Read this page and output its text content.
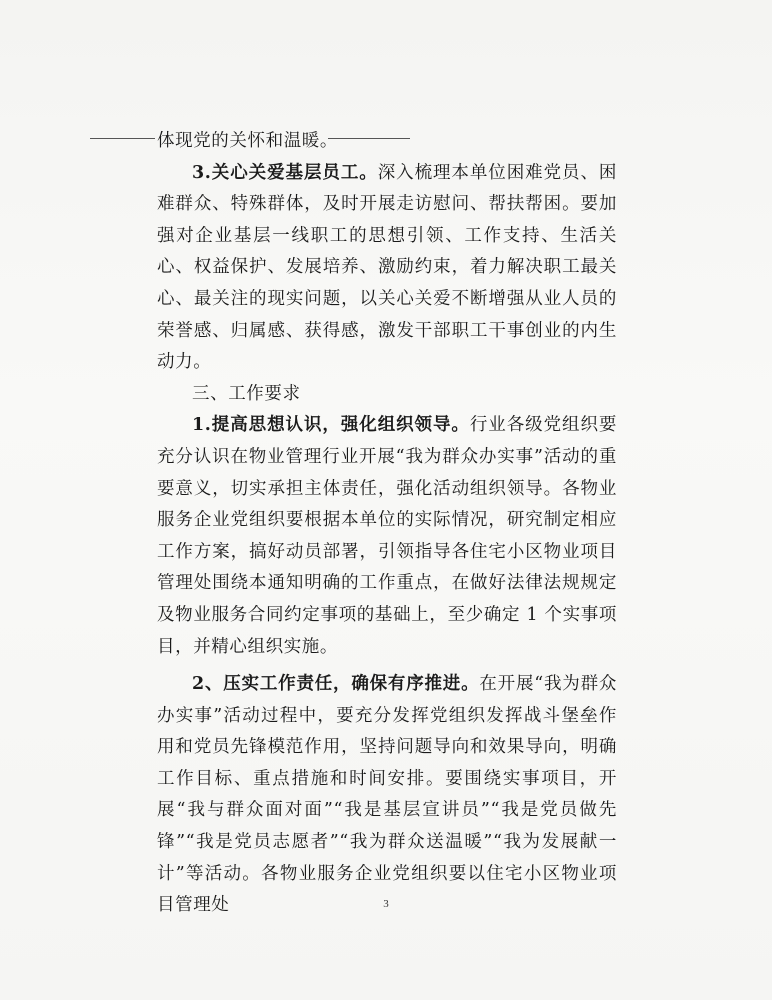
体现党的关怀和温暖。

3.关心关爱基层员工。深入梳理本单位困难党员、困难群众、特殊群体，及时开展走访慰问、帮扶帮困。要加强对企业基层一线职工的思想引领、工作支持、生活关心、权益保护、发展培养、激励约束，着力解决职工最关心、最关注的现实问题，以关心关爱不断增强从业人员的荣誉感、归属感、获得感，激发干部职工干事创业的内生动力。

三、工作要求

1.提高思想认识，强化组织领导。行业各级党组织要充分认识在物业管理行业开展“我为群众办实事”活动的重要意义，切实承担主体责任，强化活动组织领导。各物业服务企业党组织要根据本单位的实际情况，研究制定相应工作方案，搞好动员部署，引领指导各住宅小区物业项目管理处围绕本通知明确的工作重点，在做好法律法规规定及物业服务合同约定事项的基础上，至少确定 1 个实事项目，并精心组织实施。

2、压实工作责任，确保有序推进。在开展“我为群众办实事”活动过程中，要充分发挥党组织发挥战斗堡垒作用和党员先锋模范作用，坚持问题导向和效果导向，明确工作目标、重点措施和时间安排。要围绕实事项目，开展“我与群众面对面”“我是基层宣讲员”“我是党员做先锋”“我是党员志愿者”“我为群众送温暖”“我为发展献一计”等活动。各物业服务企业党组织要以住宅小区物业项目管理处	3
